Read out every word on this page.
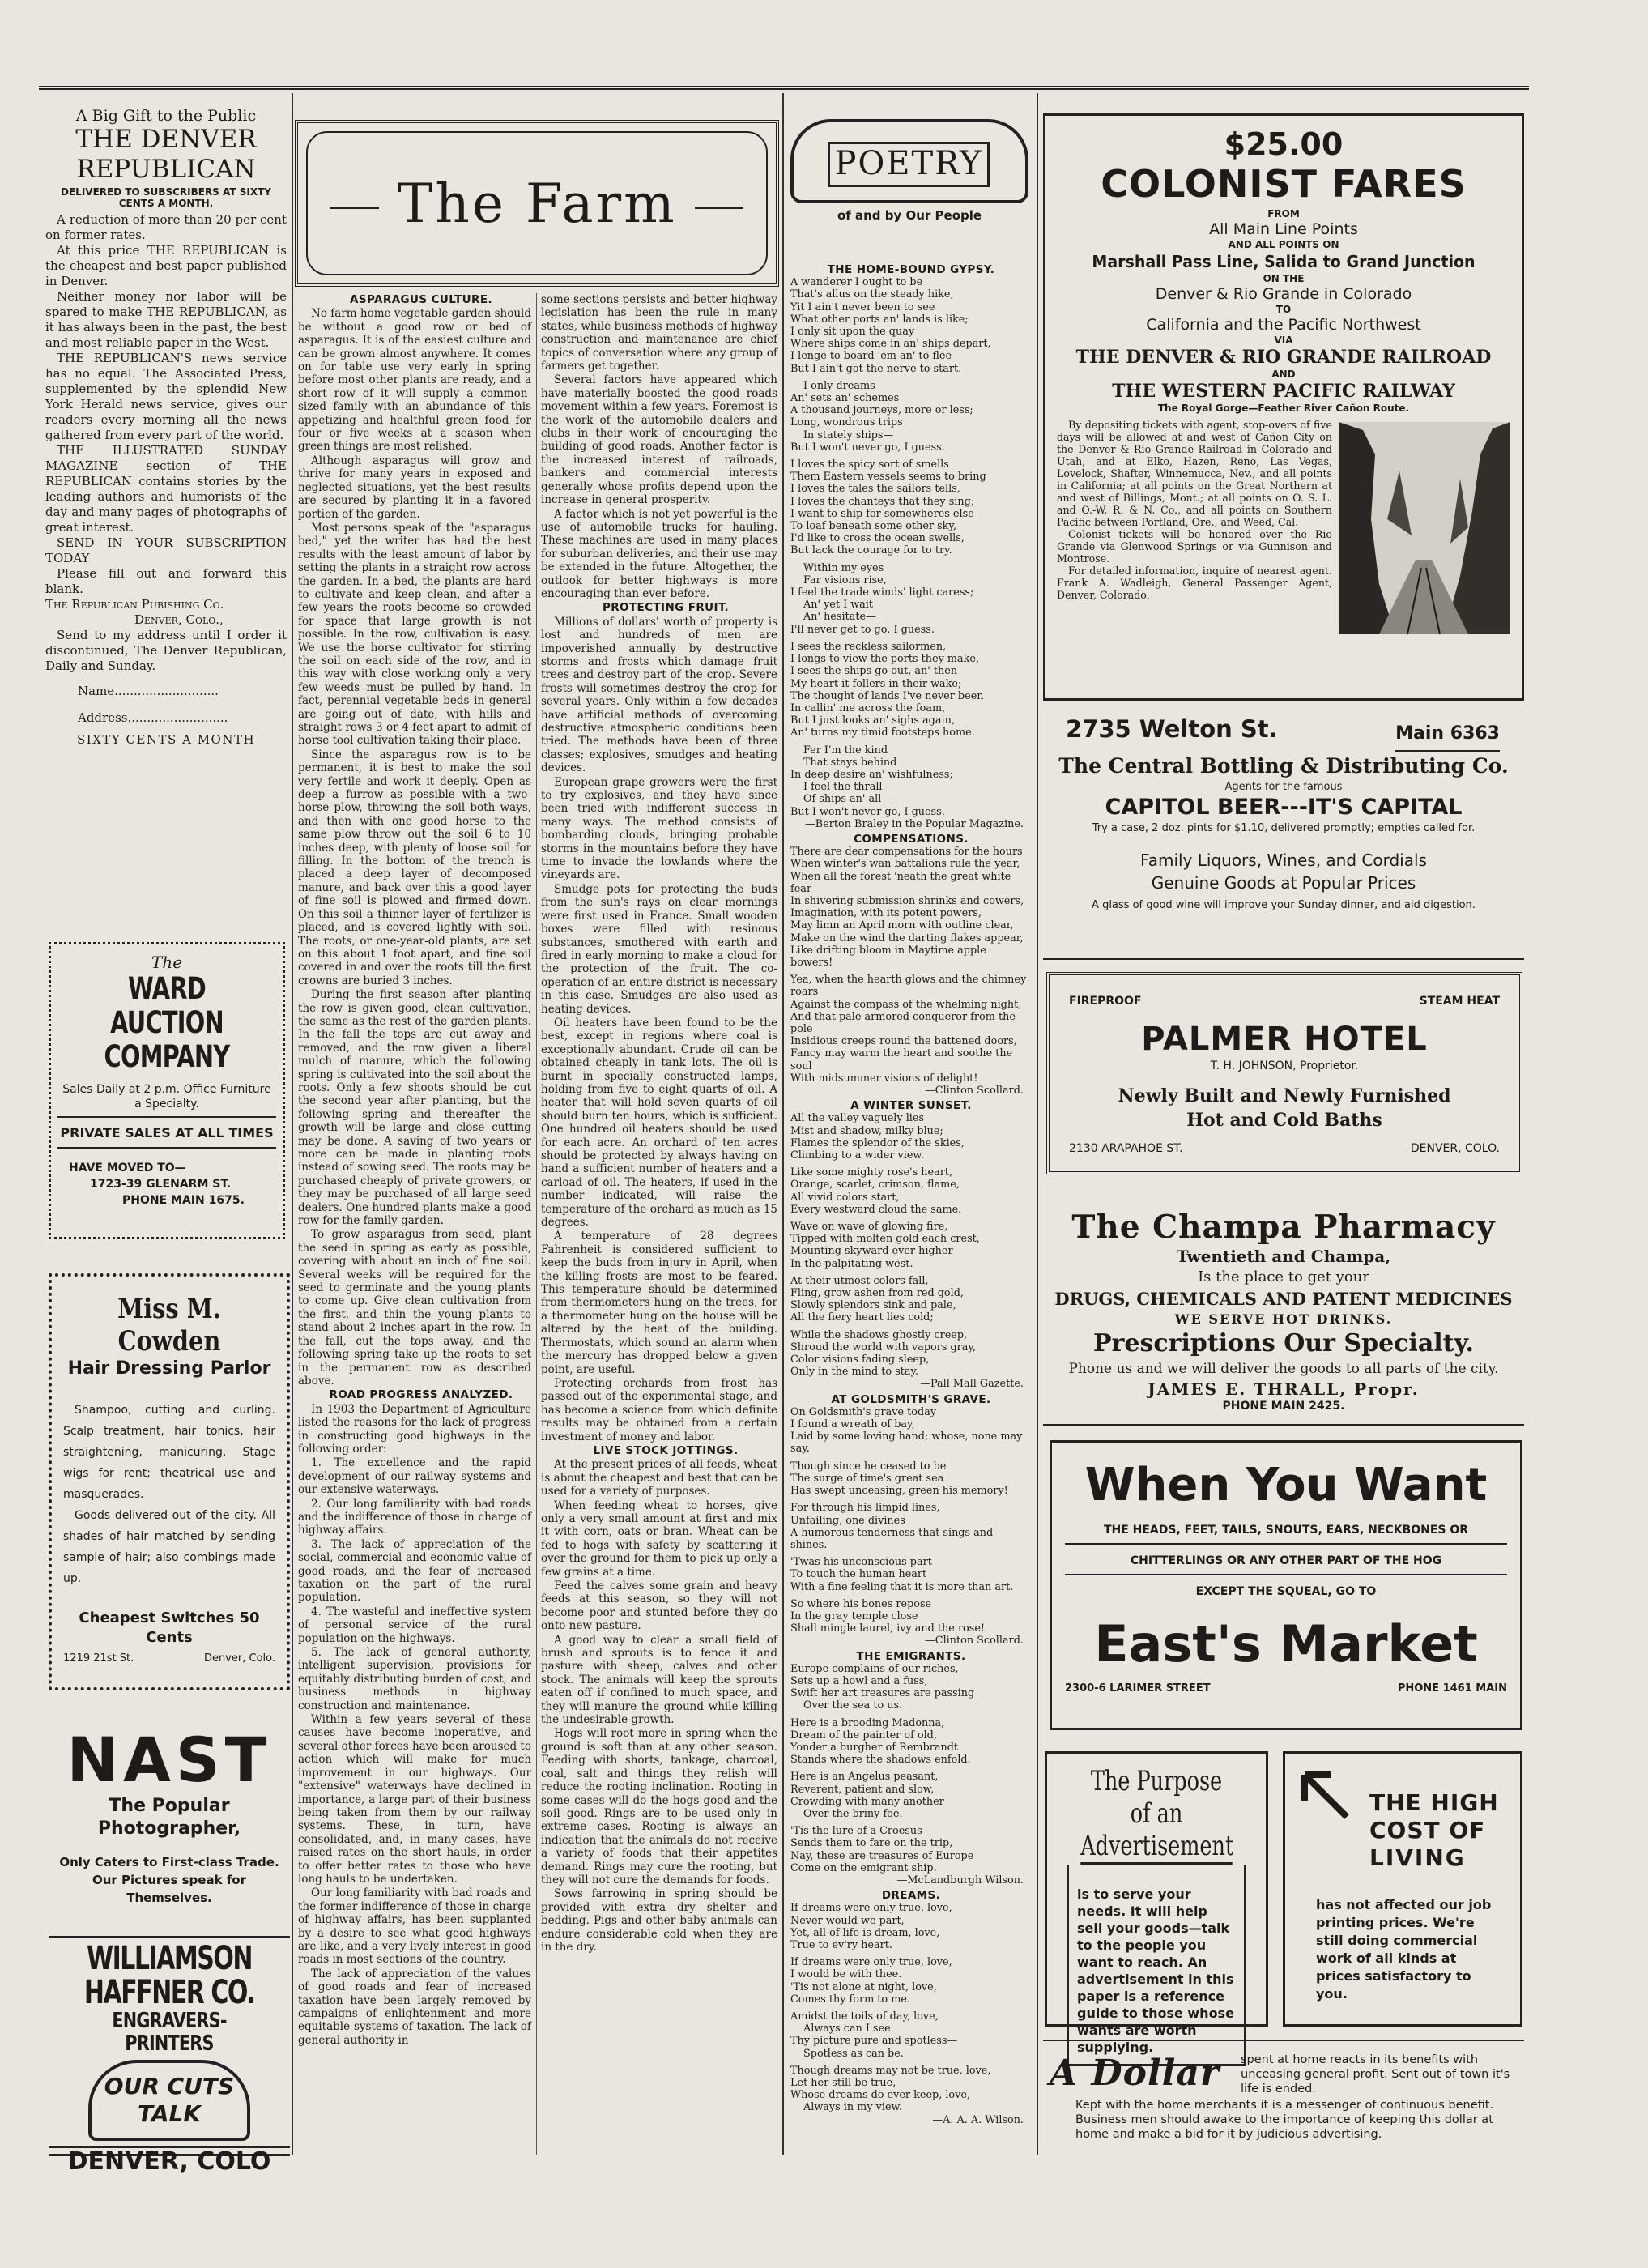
A Big Gift to the Public

THE DENVER

REPUBLICAN

DELIVERED TO SUBSCRIBERS AT SIXTY CENTS A MONTH.

A reduction of more than 20 per cent on former rates.

At this price THE REPUBLICAN is the cheapest and best paper published in Denver.

Neither money nor labor will be spared to make THE REPUBLICAN, as it has always been in the past, the best and most reliable paper in the West.

THE REPUBLICAN'S news service has no equal. The Associated Press, supplemented by the splendid New York Herald news service, gives our readers every morning all the news gathered from every part of the world.

THE ILLUSTRATED SUNDAY MAGAZINE section of THE REPUBLICAN contains stories by the leading authors and humorists of the day and many pages of photographs of great interest.

SEND IN YOUR SUBSCRIPTION TODAY

Please fill out and forward this blank.

The Republican Pubishing Co.

Denver, Colo.,

Send to my address until I order it discontinued, The Denver Republican, Daily and Sunday.

Name...........................

Address..........................

SIXTY CENTS A MONTH

The

WARD AUCTION

COMPANY

Sales Daily at 2 p.m. Office Furniture a Specialty.

PRIVATE SALES AT ALL TIMES

HAVE MOVED TO—

1723-39 GLENARM ST.

PHONE MAIN 1675.

Miss M. Cowden

Hair Dressing Parlor

Shampoo, cutting and curling. Scalp treatment, hair tonics, hair straightening, manicuring. Stage wigs for rent; theatrical use and masquerades.

Goods delivered out of the city. All shades of hair matched by sending sample of hair; also combings made up.

Cheapest Switches 50 Cents

1219 21st St.	Denver, Colo.

NAST

The Popular Photographer,

Only Caters to First-class Trade. Our Pictures speak for Themselves.

WILLIAMSON

HAFFNER CO.

ENGRAVERS-PRINTERS

OUR CUTS TALK

DENVER, COLO

The Farm

ASPARAGUS CULTURE.

No farm home vegetable garden should be without a good row or bed of asparagus. It is of the easiest culture and can be grown almost anywhere. It comes on for table use very early in spring before most other plants are ready, and a short row of it will supply a common-sized family with an abundance of this appetizing and healthful green food for four or five weeks at a season when green things are most relished.

Although asparagus will grow and thrive for many years in exposed and neglected situations, yet the best results are secured by planting it in a favored portion of the garden.

Most persons speak of the "asparagus bed," yet the writer has had the best results with the least amount of labor by setting the plants in a straight row across the garden. In a bed, the plants are hard to cultivate and keep clean, and after a few years the roots become so crowded for space that large growth is not possible. In the row, cultivation is easy. We use the horse cultivator for stirring the soil on each side of the row, and in this way with close working only a very few weeds must be pulled by hand. In fact, perennial vegetable beds in general are going out of date, with hills and straight rows 3 or 4 feet apart to admit of horse tool cultivation taking their place.

Since the asparagus row is to be permanent, it is best to make the soil very fertile and work it deeply. Open as deep a furrow as possible with a two-horse plow, throwing the soil both ways, and then with one good horse to the same plow throw out the soil 6 to 10 inches deep, with plenty of loose soil for filling. In the bottom of the trench is placed a deep layer of decomposed manure, and back over this a good layer of fine soil is plowed and firmed down. On this soil a thinner layer of fertilizer is placed, and is covered lightly with soil. The roots, or one-year-old plants, are set on this about 1 foot apart, and fine soil covered in and over the roots till the first crowns are buried 3 inches.

During the first season after planting the row is given good, clean cultivation, the same as the rest of the garden plants. In the fall the tops are cut away and removed, and the row given a liberal mulch of manure, which the following spring is cultivated into the soil about the roots. Only a few shoots should be cut the second year after planting, but the following spring and thereafter the growth will be large and close cutting may be done. A saving of two years or more can be made in planting roots instead of sowing seed. The roots may be purchased cheaply of private growers, or they may be purchased of all large seed dealers. One hundred plants make a good row for the family garden.

To grow asparagus from seed, plant the seed in spring as early as possible, covering with about an inch of fine soil. Several weeks will be required for the seed to germinate and the young plants to come up. Give clean cultivation from the first, and thin the young plants to stand about 2 inches apart in the row. In the fall, cut the tops away, and the following spring take up the roots to set in the permanent row as described above.

ROAD PROGRESS ANALYZED.

In 1903 the Department of Agriculture listed the reasons for the lack of progress in constructing good highways in the following order:

1. The excellence and the rapid development of our railway systems and our extensive waterways.

2. Our long familiarity with bad roads and the indifference of those in charge of highway affairs.

3. The lack of appreciation of the social, commercial and economic value of good roads, and the fear of increased taxation on the part of the rural population.

4. The wasteful and ineffective system of personal service of the rural population on the highways.

5. The lack of general authority, intelligent supervision, provisions for equitably distributing burden of cost, and business methods in highway construction and maintenance.

Within a few years several of these causes have become inoperative, and several other forces have been aroused to action which will make for much improvement in our highways. Our "extensive" waterways have declined in importance, a large part of their business being taken from them by our railway systems. These, in turn, have consolidated, and, in many cases, have raised rates on the short hauls, in order to offer better rates to those who have long hauls to be undertaken.

Our long familiarity with bad roads and the former indifference of those in charge of highway affairs, has been supplanted by a desire to see what good highways are like, and a very lively interest in good roads in most sections of the country.

The lack of appreciation of the values of good roads and fear of increased taxation have been largely removed by campaigns of enlightenment and more equitable systems of taxation. The lack of general authority in

some sections persists and better highway legislation has been the rule in many states, while business methods of highway construction and maintenance are chief topics of conversation where any group of farmers get together.

Several factors have appeared which have materially boosted the good roads movement within a few years. Foremost is the work of the automobile dealers and clubs in their work of encouraging the building of good roads. Another factor is the increased interest of railroads, bankers and commercial interests generally whose profits depend upon the increase in general prosperity.

A factor which is not yet powerful is the use of automobile trucks for hauling. These machines are used in many places for suburban deliveries, and their use may be extended in the future. Altogether, the outlook for better highways is more encouraging than ever before.

PROTECTING FRUIT.

Millions of dollars' worth of property is lost and hundreds of men are impoverished annually by destructive storms and frosts which damage fruit trees and destroy part of the crop. Severe frosts will sometimes destroy the crop for several years. Only within a few decades have artificial methods of overcoming destructive atmospheric conditions been tried. The methods have been of three classes; explosives, smudges and heating devices.

European grape growers were the first to try explosives, and they have since been tried with indifferent success in many ways. The method consists of bombarding clouds, bringing probable storms in the mountains before they have time to invade the lowlands where the vineyards are.

Smudge pots for protecting the buds from the sun's rays on clear mornings were first used in France. Small wooden boxes were filled with resinous substances, smothered with earth and fired in early morning to make a cloud for the protection of the fruit. The co-operation of an entire district is necessary in this case. Smudges are also used as heating devices.

Oil heaters have been found to be the best, except in regions where coal is exceptionally abundant. Crude oil can be obtained cheaply in tank lots. The oil is burnt in specially constructed lamps, holding from five to eight quarts of oil. A heater that will hold seven quarts of oil should burn ten hours, which is sufficient. One hundred oil heaters should be used for each acre. An orchard of ten acres should be protected by always having on hand a sufficient number of heaters and a carload of oil. The heaters, if used in the number indicated, will raise the temperature of the orchard as much as 15 degrees.

A temperature of 28 degrees Fahrenheit is considered sufficient to keep the buds from injury in April, when the killing frosts are most to be feared. This temperature should be determined from thermometers hung on the trees, for a thermometer hung on the house will be altered by the heat of the building. Thermostats, which sound an alarm when the mercury has dropped below a given point, are useful.

Protecting orchards from frost has passed out of the experimental stage, and has become a science from which definite results may be obtained from a certain investment of money and labor.

LIVE STOCK JOTTINGS.

At the present prices of all feeds, wheat is about the cheapest and best that can be used for a variety of purposes.

When feeding wheat to horses, give only a very small amount at first and mix it with corn, oats or bran. Wheat can be fed to hogs with safety by scattering it over the ground for them to pick up only a few grains at a time.

Feed the calves some grain and heavy feeds at this season, so they will not become poor and stunted before they go onto new pasture.

A good way to clear a small field of brush and sprouts is to fence it and pasture with sheep, calves and other stock. The animals will keep the sprouts eaten off if confined to much space, and they will manure the ground while killing the undesirable growth.

Hogs will root more in spring when the ground is soft than at any other season. Feeding with shorts, tankage, charcoal, coal, salt and things they relish will reduce the rooting inclination. Rooting in some cases will do the hogs good and the soil good. Rings are to be used only in extreme cases. Rooting is always an indication that the animals do not receive a variety of foods that their appetites demand. Rings may cure the rooting, but they will not cure the demands for foods.

Sows farrowing in spring should be provided with extra dry shelter and bedding. Pigs and other baby animals can endure considerable cold when they are in the dry.

POETRY

of and by Our People

THE HOME-BOUND GYPSY.

A wanderer I ought to be

That's allus on the steady hike,

Yit I ain't never been to see

What other ports an' lands is like;

I only sit upon the quay

Where ships come in an' ships depart,

I lenge to board 'em an' to flee

But I ain't got the nerve to start.

I only dreams

An' sets an' schemes

A thousand journeys, more or less;

Long, wondrous trips

In stately ships—

But I won't never go, I guess.

I loves the spicy sort of smells

Them Eastern vessels seems to bring

I loves the tales the sailors tells,

I loves the chanteys that they sing;

I want to ship for somewheres else

To loaf beneath some other sky,

I'd like to cross the ocean swells,

But lack the courage for to try.

Within my eyes

Far visions rise,

I feel the trade winds' light caress;

An' yet I wait

An' hesitate—

I'll never get to go, I guess.

I sees the reckless sailormen,

I longs to view the ports they make,

I sees the ships go out, an' then

My heart it follers in their wake;

The thought of lands I've never been

In callin' me across the foam,

But I just looks an' sighs again,

An' turns my timid footsteps home.

Fer I'm the kind

That stays behind

In deep desire an' wishfulness;

I feel the thrall

Of ships an' all—

But I won't never go, I guess.

—Berton Braley in the Popular Magazine.

COMPENSATIONS.

There are dear compensations for the hours

When winter's wan battalions rule the year,

When all the forest 'neath the great white fear

In shivering submission shrinks and cowers,

Imagination, with its potent powers,

May limn an April morn with outline clear,

Make on the wind the darting flakes appear,

Like drifting bloom in Maytime apple bowers!

Yea, when the hearth glows and the chimney roars

Against the compass of the whelming night,

And that pale armored conqueror from the pole

Insidious creeps round the battened doors,

Fancy may warm the heart and soothe the soul

With midsummer visions of delight!

—Clinton Scollard.

A WINTER SUNSET.

All the valley vaguely lies

Mist and shadow, milky blue;

Flames the splendor of the skies,

Climbing to a wider view.

Like some mighty rose's heart,

Orange, scarlet, crimson, flame,

All vivid colors start,

Every westward cloud the same.

Wave on wave of glowing fire,

Tipped with molten gold each crest,

Mounting skyward ever higher

In the palpitating west.

At their utmost colors fall,

Fling, grow ashen from red gold,

Slowly splendors sink and pale,

All the fiery heart lies cold;

While the shadows ghostly creep,

Shroud the world with vapors gray,

Color visions fading sleep,

Only in the mind to stay.

—Pall Mall Gazette.

AT GOLDSMITH'S GRAVE.

On Goldsmith's grave today

I found a wreath of bay,

Laid by some loving hand; whose, none may say.

Though since he ceased to be

The surge of time's great sea

Has swept unceasing, green his memory!

For through his limpid lines,

Unfailing, one divines

A humorous tenderness that sings and shines.

'Twas his unconscious part

To touch the human heart

With a fine feeling that it is more than art.

So where his bones repose

In the gray temple close

Shall mingle laurel, ivy and the rose!

—Clinton Scollard.

THE EMIGRANTS.

Europe complains of our riches,

Sets up a howl and a fuss,

Swift her art treasures are passing

Over the sea to us.

Here is a brooding Madonna,

Dream of the painter of old,

Yonder a burgher of Rembrandt

Stands where the shadows enfold.

Here is an Angelus peasant,

Reverent, patient and slow,

Crowding with many another

Over the briny foe.

'Tis the lure of a Croesus

Sends them to fare on the trip,

Nay, these are treasures of Europe

Come on the emigrant ship.

—McLandburgh Wilson.

DREAMS.

If dreams were only true, love,

Never would we part,

Yet, all of life is dream, love,

True to ev'ry heart.

If dreams were only true, love,

I would be with thee.

'Tis not alone at night, love,

Comes thy form to me.

Amidst the toils of day, love,

Always can I see

Thy picture pure and spotless—

Spotless as can be.

Though dreams may not be true, love,

Let her still be true,

Whose dreams do ever keep, love,

Always in my view.

—A. A. A. Wilson.

$25.00

COLONIST FARES

FROM

All Main Line Points

AND ALL POINTS ON

Marshall Pass Line, Salida to Grand Junction

ON THE

Denver & Rio Grande in Colorado

TO

California and the Pacific Northwest

VIA

THE DENVER & RIO GRANDE RAILROAD

AND

THE WESTERN PACIFIC RAILWAY

The Royal Gorge—Feather River Cañon Route.

By depositing tickets with agent, stop-overs of five days will be allowed at and west of Cañon City on the Denver & Rio Grande Railroad in Colorado and Utah, and at Elko, Hazen, Reno, Las Vegas, Lovelock, Shafter, Winnemucca, Nev., and all points in California; at all points on the Great Northern at and west of Billings, Mont.; at all points on O. S. L. and O.-W. R. & N. Co., and all points on Southern Pacific between Portland, Ore., and Weed, Cal.

Colonist tickets will be honored over the Rio Grande via Glenwood Springs or via Gunnison and Montrose.

For detailed information, inquire of nearest agent. Frank A. Wadleigh, General Passenger Agent, Denver, Colorado.

2735 Welton St.	Main 6363

The Central Bottling & Distributing Co.

Agents for the famous

CAPITOL BEER---IT'S CAPITAL

Try a case, 2 doz. pints for $1.10, delivered promptly; empties called for.

Family Liquors, Wines, and Cordials

Genuine Goods at Popular Prices

A glass of good wine will improve your Sunday dinner, and aid digestion.

FIREPROOF	STEAM HEAT

PALMER HOTEL

T. H. JOHNSON, Proprietor.

Newly Built and Newly Furnished

Hot and Cold Baths

2130 ARAPAHOE ST.	DENVER, COLO.

The Champa Pharmacy

Twentieth and Champa,

Is the place to get your

DRUGS, CHEMICALS AND PATENT MEDICINES

WE SERVE HOT DRINKS.

Prescriptions Our Specialty.

Phone us and we will deliver the goods to all parts of the city.

JAMES E. THRALL, Propr.

PHONE MAIN 2425.

When You Want

THE HEADS, FEET, TAILS, SNOUTS, EARS, NECKBONES OR

CHITTERLINGS OR ANY OTHER PART OF THE HOG

EXCEPT THE SQUEAL, GO TO

East's Market

2300-6 LARIMER STREET	PHONE 1461 MAIN

The Purpose of an

Advertisement

is to serve your needs. It will help sell your goods—talk to the people you want to reach. An advertisement in this paper is a reference guide to those whose wants are worth supplying.

THE HIGH

COST OF

LIVING

has not affected our job printing prices. We're still doing commercial work of all kinds at prices satisfactory to you.

A Dollar spent at home reacts in its benefits with unceasing general profit. Sent out of town it's life is ended.

Kept with the home merchants it is a messenger of continuous benefit. Business men should awake to the importance of keeping this dollar at home and make a bid for it by judicious advertising.
